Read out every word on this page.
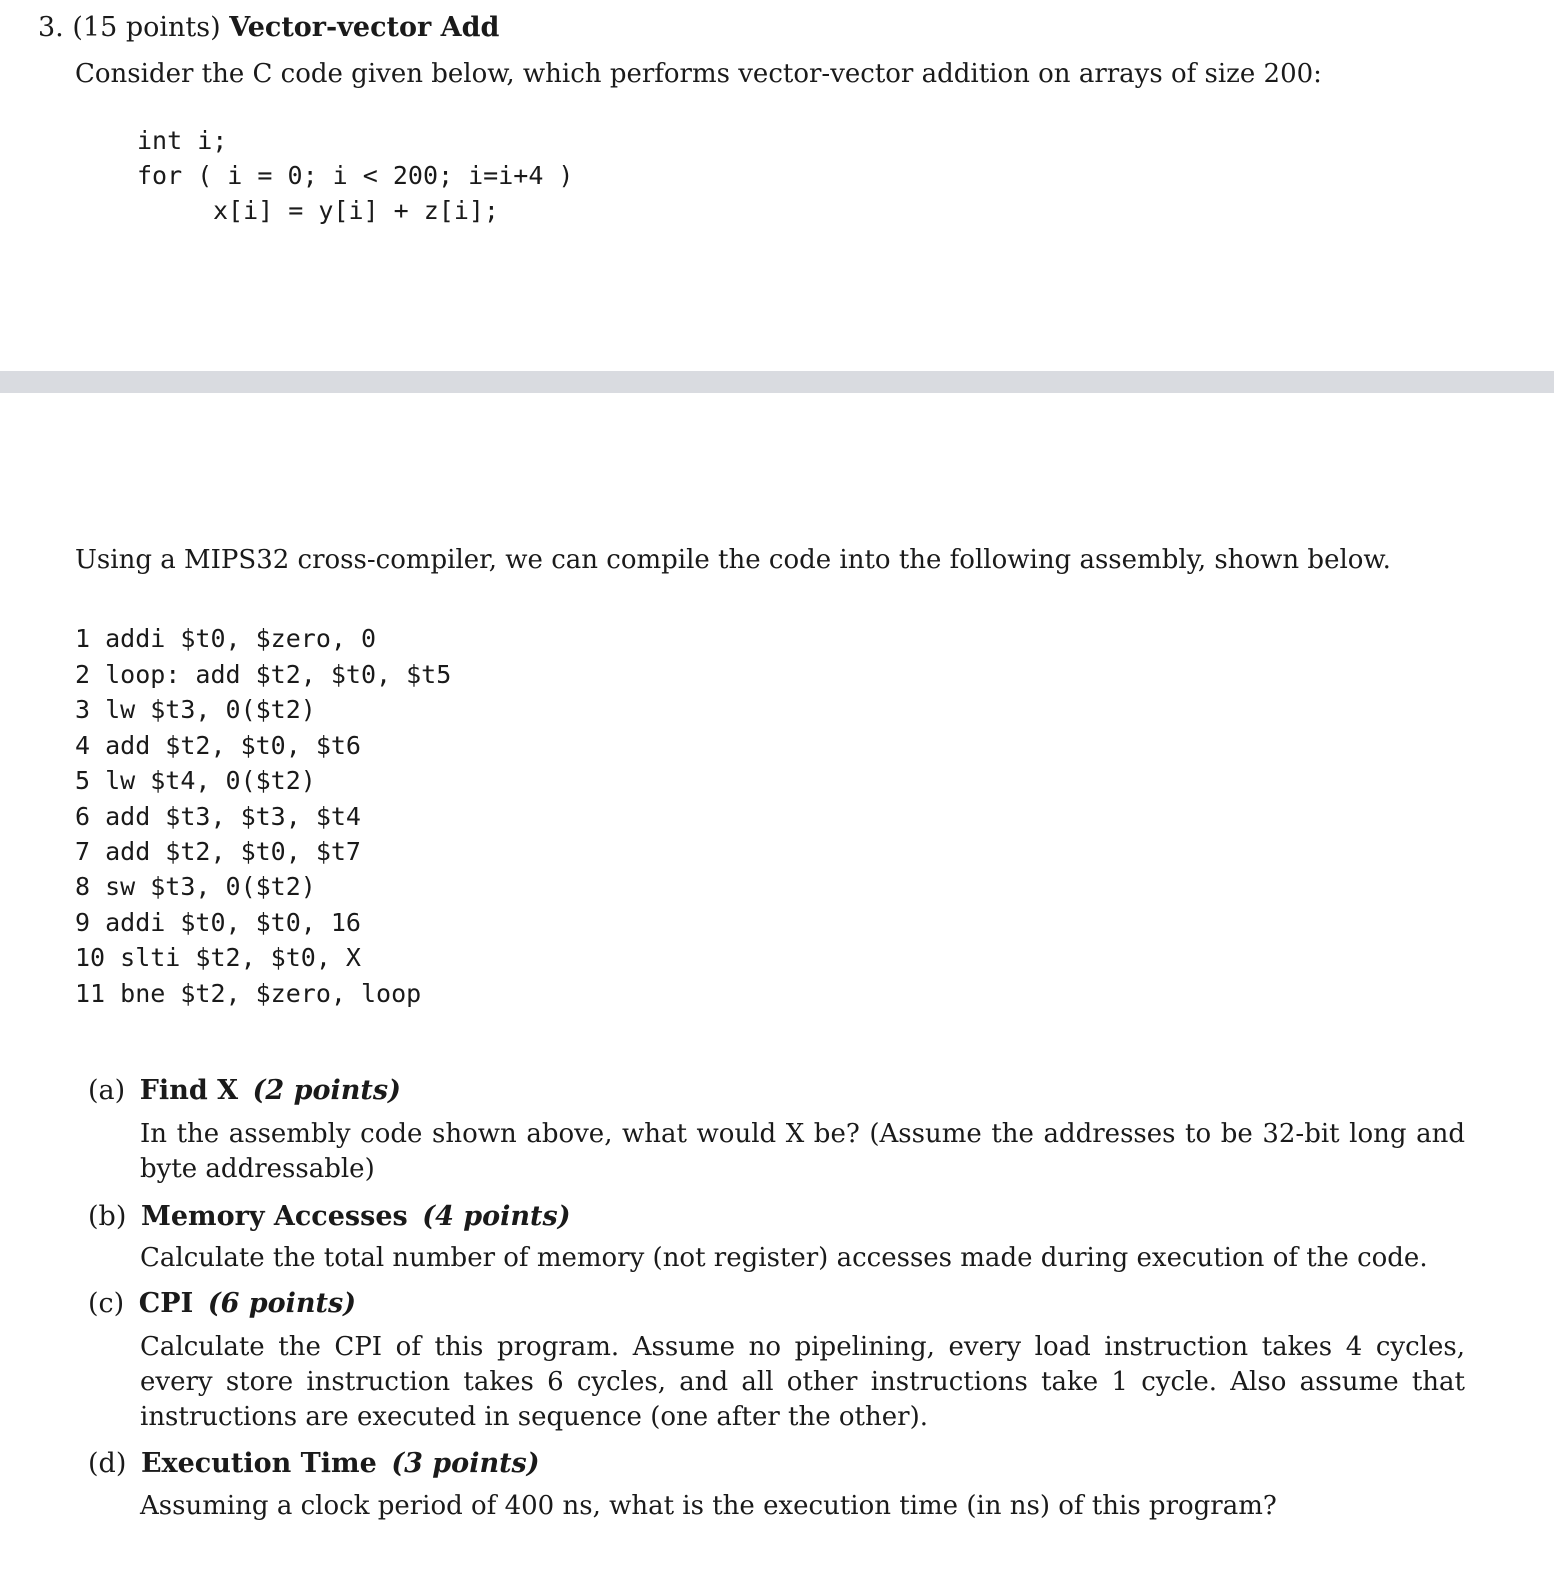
3. (15 points) Vector-vector Add
Consider the C code given below, which performs vector-vector addition on arrays of size 200:
int i;
for ( i = 0; i < 200; i=i+4 )
x[i] = y[i] + z[i];
Using a MIPS32 cross-compiler, we can compile the code into the following assembly, shown below.
1 addi $t0, $zero, 0
2 loop: add $t2, $t0, $t5
3 lw $t3, 0($t2)
4 add $t2, $t0, $t6
5 lw $t4, 0($t2)
6 add $t3, $t3, $t4
7 add $t2, $t0, $t7
8 sw $t3, 0($t2)
9 addi $t0, $t0, 16
10 slti $t2, $t0, X
11 bne $t2, $zero, loop
(a) Find X (2 points)
In the assembly code shown above, what would X be? (Assume the addresses to be 32-bit long and byte addressable)
(b) Memory Accesses (4 points)
Calculate the total number of memory (not register) accesses made during execution of the code.
(c) CPI (6 points)
Calculate the CPI of this program. Assume no pipelining, every load instruction takes 4 cycles, every store instruction takes 6 cycles, and all other instructions take 1 cycle. Also assume that instructions are executed in sequence (one after the other).
(d) Execution Time (3 points)
Assuming a clock period of 400 ns, what is the execution time (in ns) of this program?
